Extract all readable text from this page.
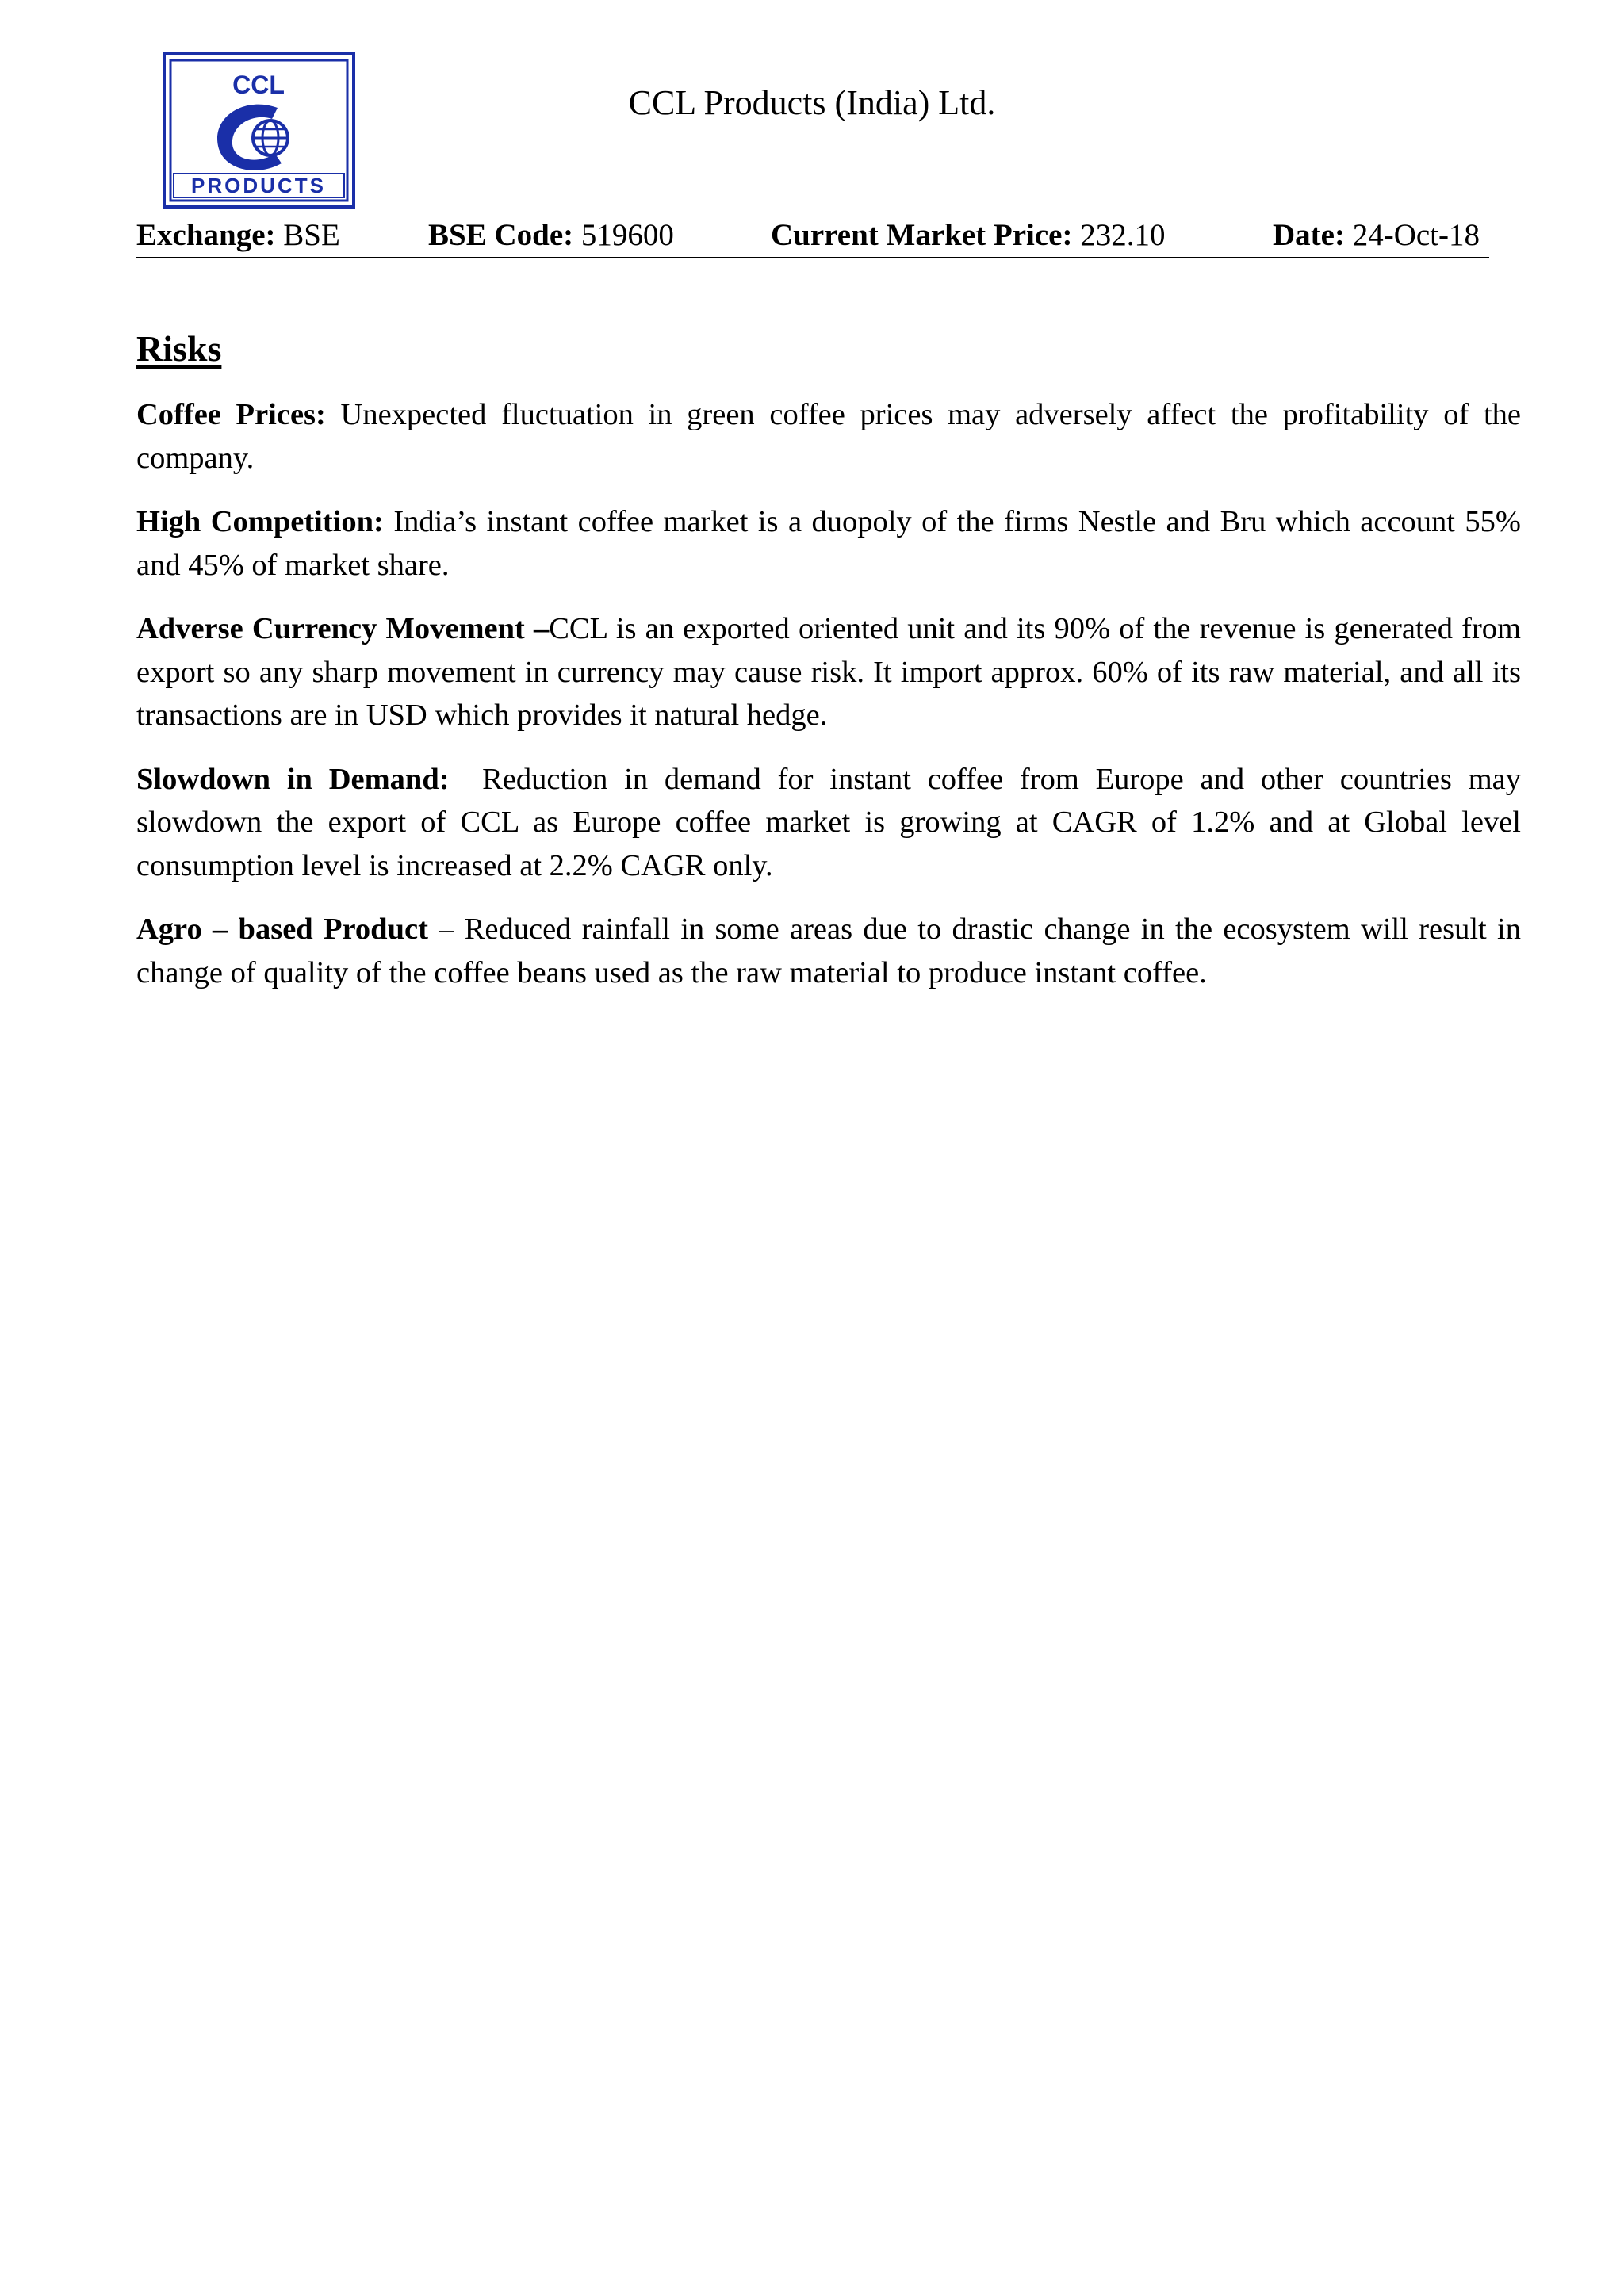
CCL
PRODUCTS
CCL Products (India) Ltd.
Exchange: BSE	BSE Code: 519600	Current Market Price: 232.10	Date: 24-Oct-18
Risks

Coffee Prices: Unexpected fluctuation in green coffee prices may adversely affect the profitability of the company.

High Competition: India’s instant coffee market is a duopoly of the firms Nestle and Bru which account 55% and 45% of market share.

Adverse Currency Movement –CCL is an exported oriented unit and its 90% of the revenue is generated from export so any sharp movement in currency may cause risk. It import approx. 60% of its raw material, and all its transactions are in USD which provides it natural hedge.

Slowdown in Demand:  Reduction in demand for instant coffee from Europe and other countries may slowdown the export of CCL as Europe coffee market is growing at CAGR of 1.2% and at Global level consumption level is increased at 2.2% CAGR only.

Agro – based Product – Reduced rainfall in some areas due to drastic change in the ecosystem will result in change of quality of the coffee beans used as the raw material to produce instant coffee.
